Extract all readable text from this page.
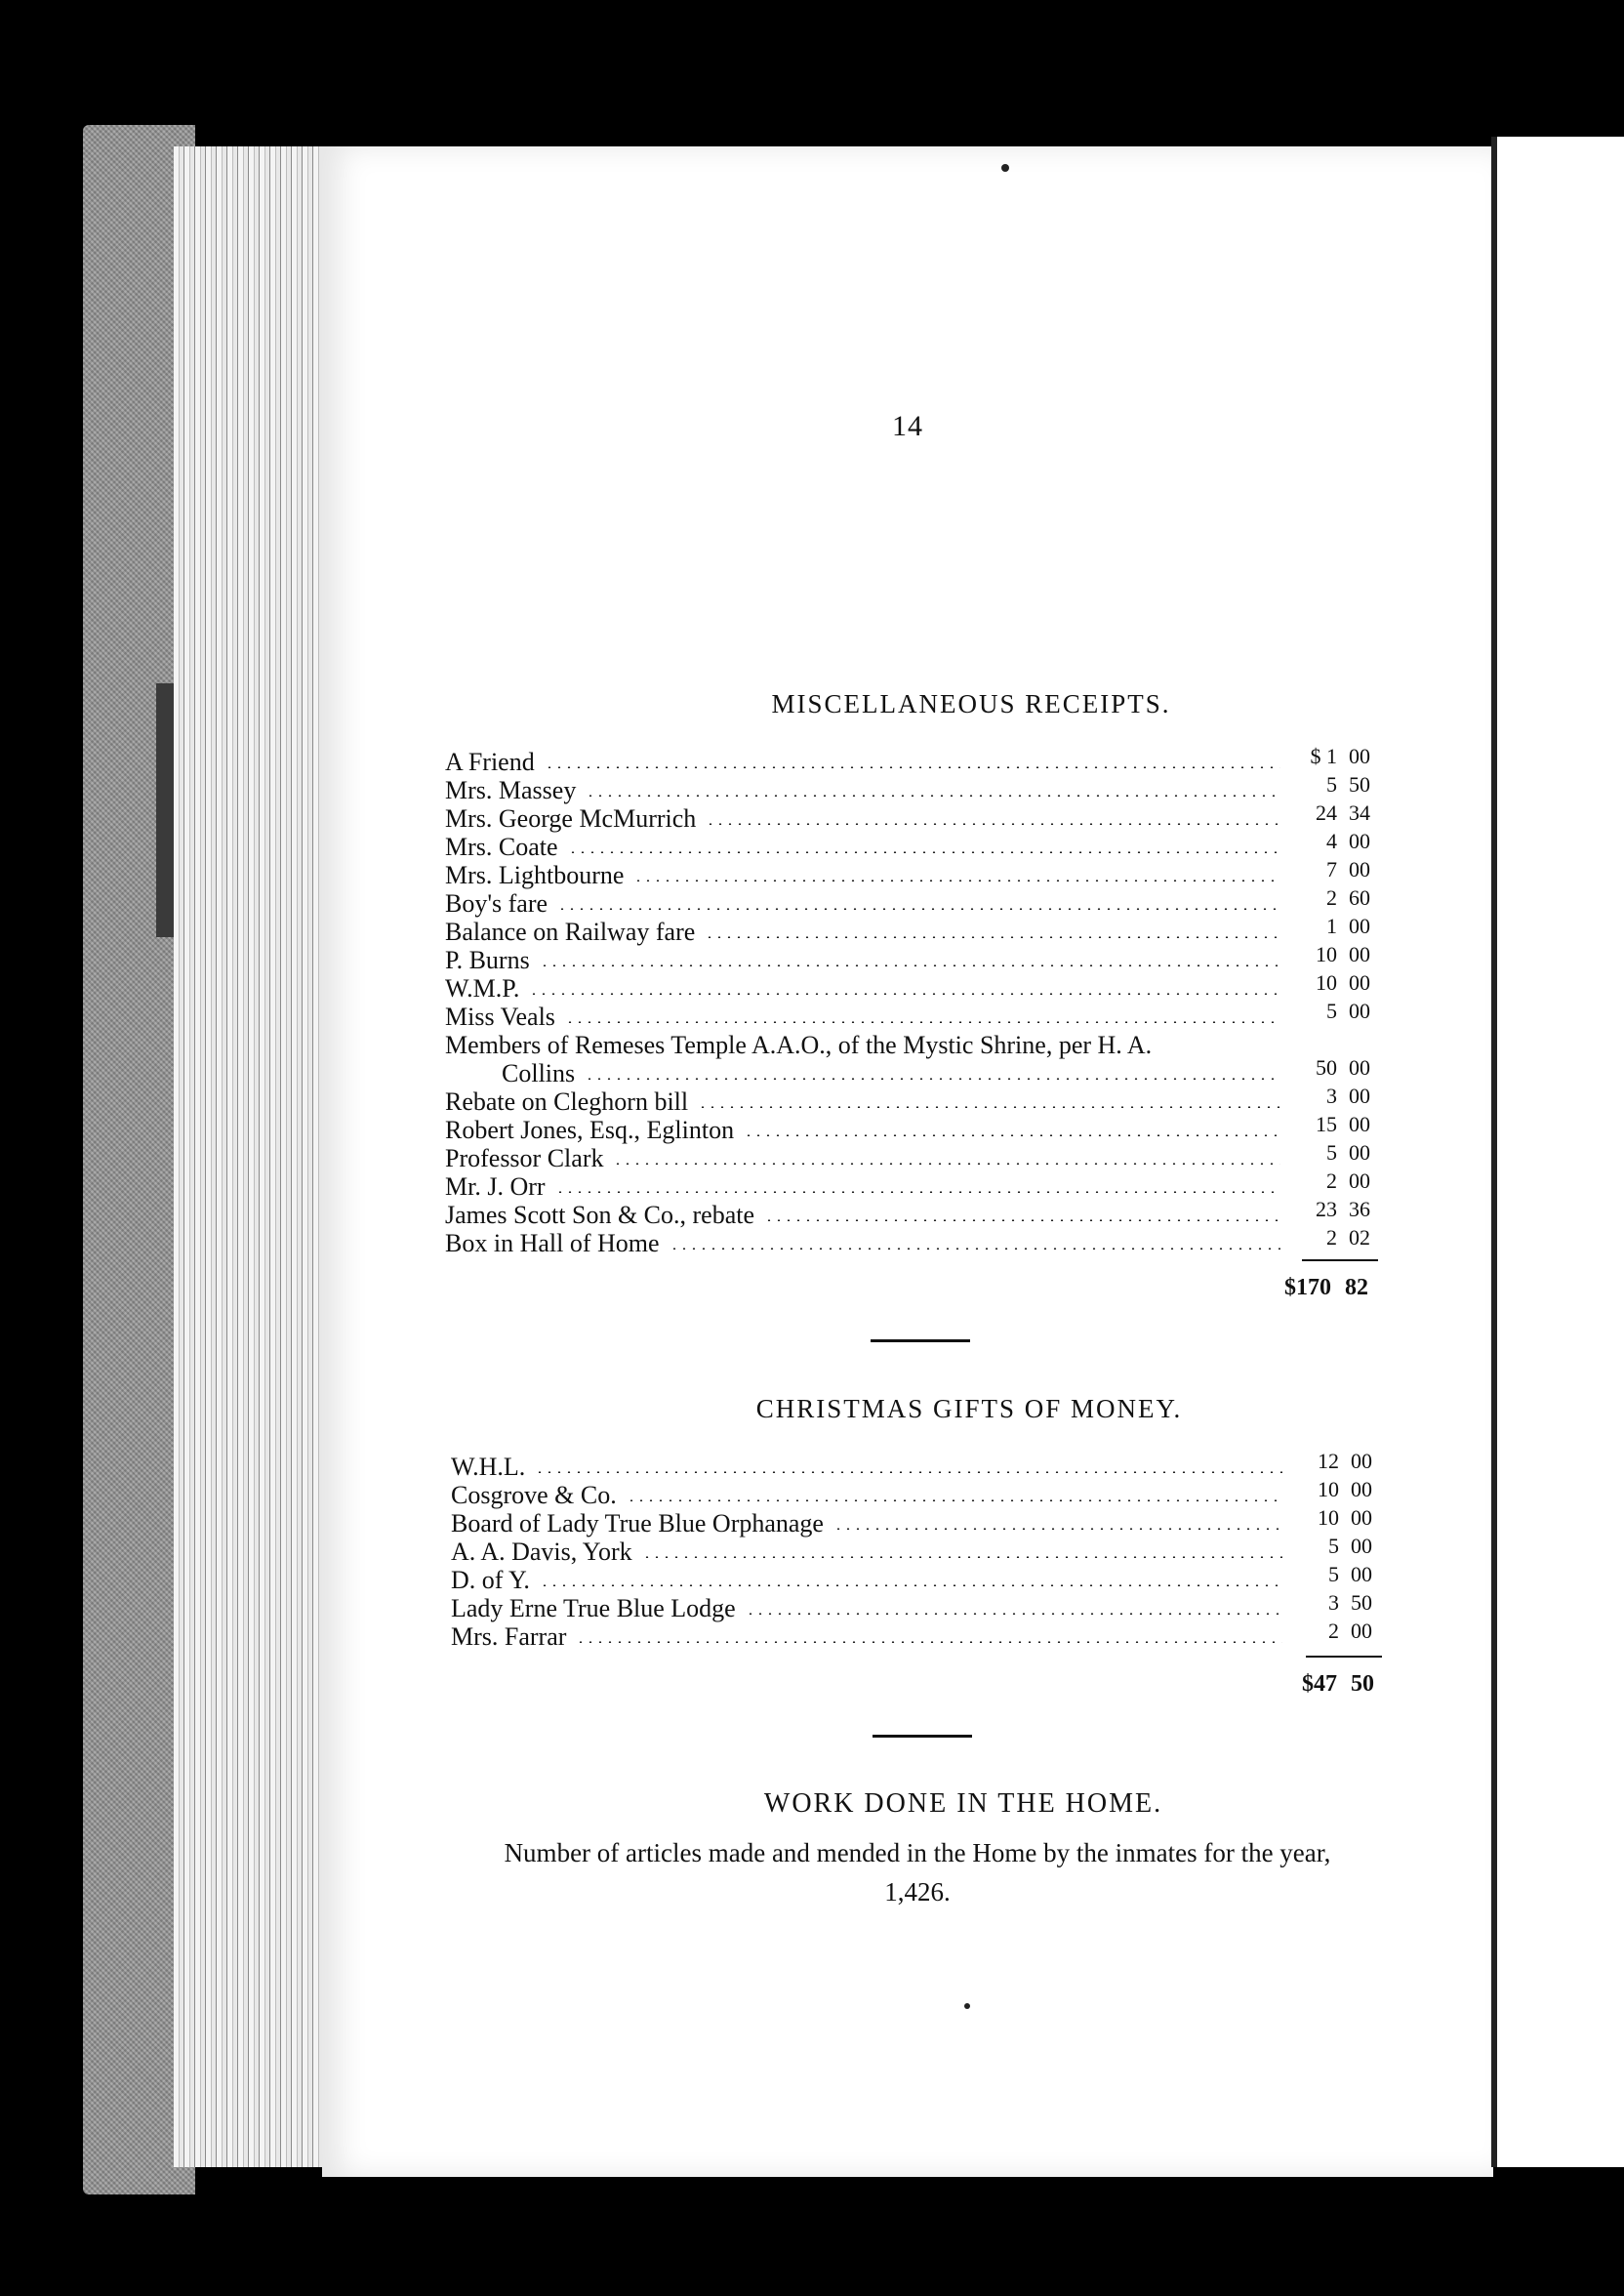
14
MISCELLANEOUS RECEIPTS.
A Friend	$ 1 00
Mrs. Massey	5 50
Mrs. George McMurrich	24 34
Mrs. Coate	4 00
Mrs. Lightbourne	7 00
Boy's fare	2 60
Balance on Railway fare	1 00
P. Burns	10 00
W.M.P.	10 00
Miss Veals	5 00
Members of Remeses Temple A.A.O., of the Mystic Shrine, per H. A.
Collins	50 00
Rebate on Cleghorn bill	3 00
Robert Jones, Esq., Eglinton	15 00
Professor Clark	5 00
Mr. J. Orr	2 00
James Scott Son & Co., rebate	23 36
Box in Hall of Home	2 02
$170 82
CHRISTMAS GIFTS OF MONEY.
W.H.L.	12 00
Cosgrove & Co.	10 00
Board of Lady True Blue Orphanage	10 00
A. A. Davis, York	5 00
D. of Y.	5 00
Lady Erne True Blue Lodge	3 50
Mrs. Farrar	2 00
$47 50
WORK DONE IN THE HOME.
Number of articles made and mended in the Home by the inmates for the year, 1,426.
